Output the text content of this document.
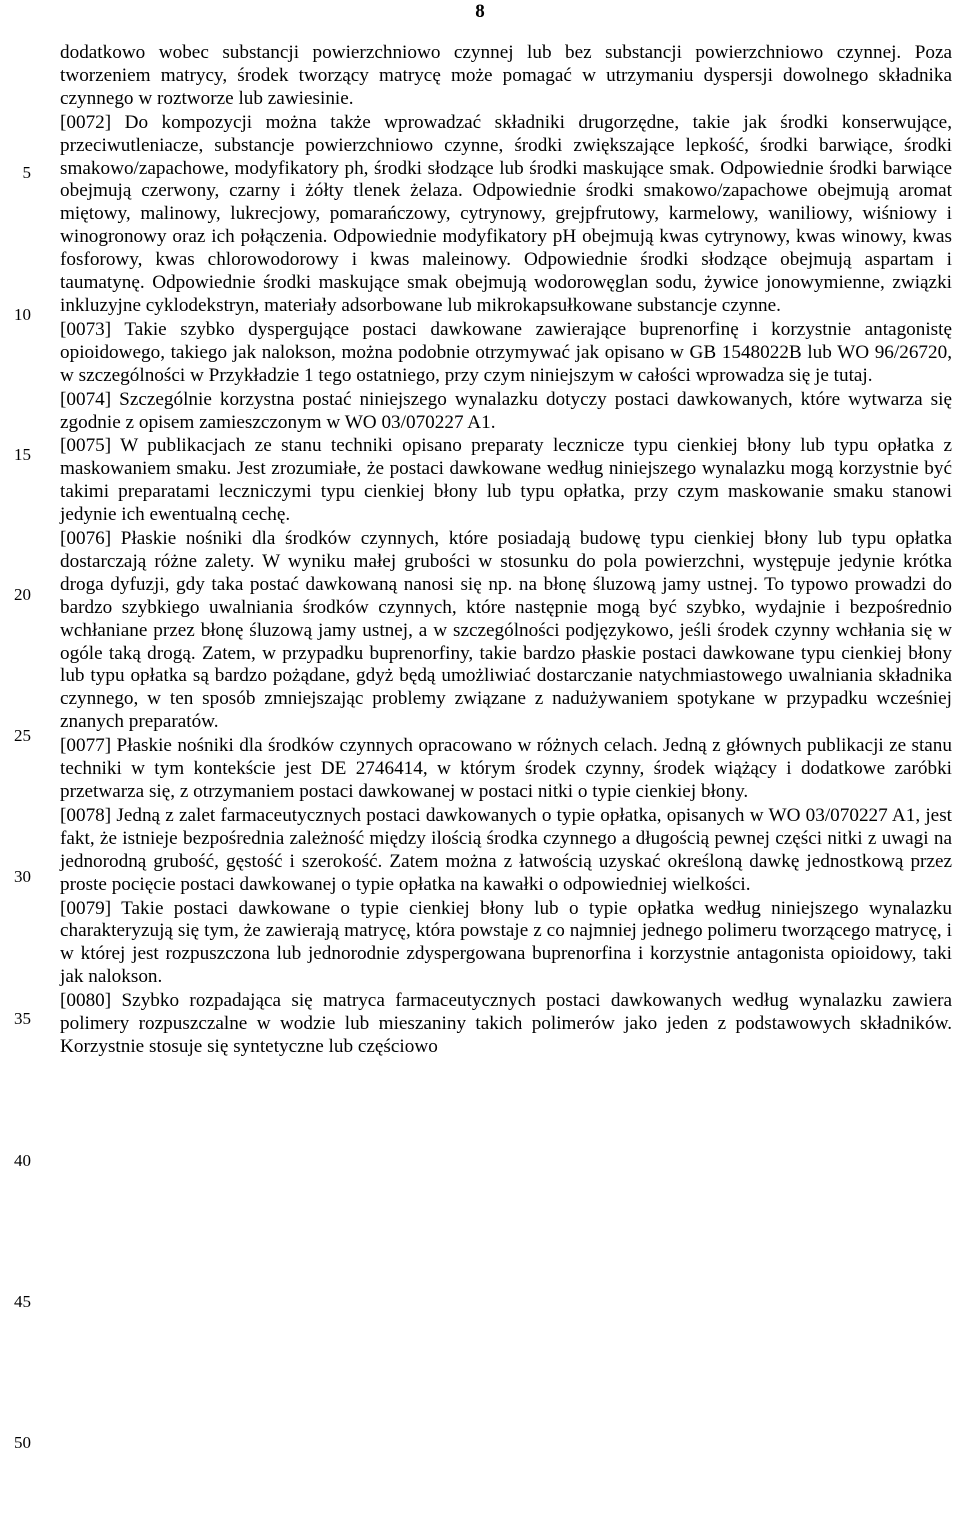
8
5
10
15
20
25
30
35
40
45
50

dodatkowo wobec substancji powierzchniowo czynnej lub bez substancji powierzchniowo czynnej. Poza tworzeniem matrycy, środek tworzący matrycę może pomagać w utrzymaniu dyspersji dowolnego składnika czynnego w roztworze lub zawiesinie.

[0072] Do kompozycji można także wprowadzać składniki drugorzędne, takie jak środki konserwujące, przeciwutleniacze, substancje powierzchniowo czynne, środki zwiększające lepkość, środki barwiące, środki smakowo/zapachowe, modyfikatory ph, środki słodzące lub środki maskujące smak. Odpowiednie środki barwiące obejmują czerwony, czarny i żółty tlenek żelaza. Odpowiednie środki smakowo/zapachowe obejmują aromat miętowy, malinowy, lukrecjowy, pomarańczowy, cytrynowy, grejpfrutowy, karmelowy, waniliowy, wiśniowy i winogronowy oraz ich połączenia. Odpowiednie modyfikatory pH obejmują kwas cytrynowy, kwas winowy, kwas fosforowy, kwas chlorowodorowy i kwas maleinowy. Odpowiednie środki słodzące obejmują aspartam i taumatynę. Odpowiednie środki maskujące smak obejmują wodorowęglan sodu, żywice jonowymienne, związki inkluzyjne cyklodekstryn, materiały adsorbowane lub mikrokapsułkowane substancje czynne.

[0073] Takie szybko dyspergujące postaci dawkowane zawierające buprenorfinę i korzystnie antagonistę opioidowego, takiego jak nalokson, można podobnie otrzymywać jak opisano w GB 1548022B lub WO 96/26720, w szczególności w Przykładzie 1 tego ostatniego, przy czym niniejszym w całości wprowadza się je tutaj.

[0074] Szczególnie korzystna postać niniejszego wynalazku dotyczy postaci dawkowanych, które wytwarza się zgodnie z opisem zamieszczonym w WO 03/070227 A1.

[0075] W publikacjach ze stanu techniki opisano preparaty lecznicze typu cienkiej błony lub typu opłatka z maskowaniem smaku. Jest zrozumiałe, że postaci dawkowane według niniejszego wynalazku mogą korzystnie być takimi preparatami leczniczymi typu cienkiej błony lub typu opłatka, przy czym maskowanie smaku stanowi jedynie ich ewentualną cechę.

[0076] Płaskie nośniki dla środków czynnych, które posiadają budowę typu cienkiej błony lub typu opłatka dostarczają różne zalety. W wyniku małej grubości w stosunku do pola powierzchni, występuje jedynie krótka droga dyfuzji, gdy taka postać dawkowaną nanosi się np. na błonę śluzową jamy ustnej. To typowo prowadzi do bardzo szybkiego uwalniania środków czynnych, które następnie mogą być szybko, wydajnie i bezpośrednio wchłaniane przez błonę śluzową jamy ustnej, a w szczególności podjęzykowo, jeśli środek czynny wchłania się w ogóle taką drogą. Zatem, w przypadku buprenorfiny, takie bardzo płaskie postaci dawkowane typu cienkiej błony lub typu opłatka są bardzo pożądane, gdyż będą umożliwiać dostarczanie natychmiastowego uwalniania składnika czynnego, w ten sposób zmniejszając problemy związane z nadużywaniem spotykane w przypadku wcześniej znanych preparatów.

[0077] Płaskie nośniki dla środków czynnych opracowano w różnych celach. Jedną z głównych publikacji ze stanu techniki w tym kontekście jest DE 2746414, w którym środek czynny, środek wiążący i dodatkowe zaróbki przetwarza się, z otrzymaniem postaci dawkowanej w postaci nitki o typie cienkiej błony.

[0078] Jedną z zalet farmaceutycznych postaci dawkowanych o typie opłatka, opisanych w WO 03/070227 A1, jest fakt, że istnieje bezpośrednia zależność między ilością środka czynnego a długością pewnej części nitki z uwagi na jednorodną grubość, gęstość i szerokość. Zatem można z łatwością uzyskać określoną dawkę jednostkową przez proste pocięcie postaci dawkowanej o typie opłatka na kawałki o odpowiedniej wielkości.

[0079] Takie postaci dawkowane o typie cienkiej błony lub o typie opłatka według niniejszego wynalazku charakteryzują się tym, że zawierają matrycę, która powstaje z co najmniej jednego polimeru tworzącego matrycę, i w której jest rozpuszczona lub jednorodnie zdyspergowana buprenorfina i korzystnie antagonista opioidowy, taki jak nalokson.

[0080] Szybko rozpadająca się matryca farmaceutycznych postaci dawkowanych według wynalazku zawiera polimery rozpuszczalne w wodzie lub mieszaniny takich polimerów jako jeden z podstawowych składników. Korzystnie stosuje się syntetyczne lub częściowo
